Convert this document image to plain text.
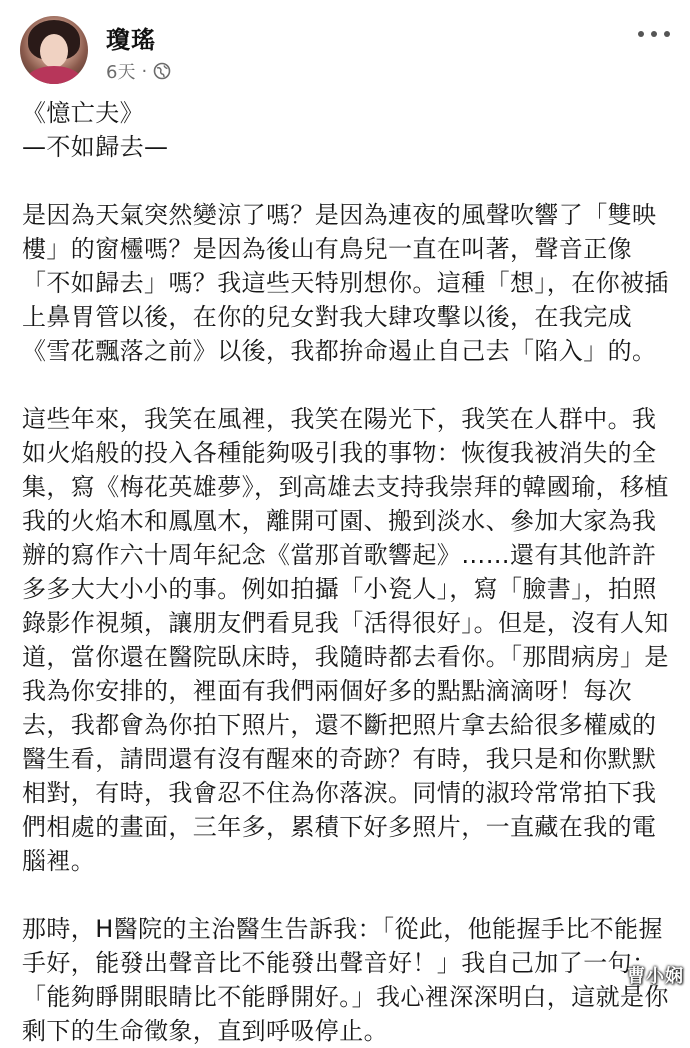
瓊瑤
6天 ·

《憶亡夫》

—不如歸去—

是因為天氣突然變涼了嗎？是因為連夜的風聲吹響了「雙映樓」的窗欞嗎？是因為後山有鳥兒一直在叫著，聲音正像「不如歸去」嗎？我這些天特別想你。這種「想」，在你被插上鼻胃管以後，在你的兒女對我大肆攻擊以後，在我完成《雪花飄落之前》以後，我都拚命遏止自己去「陷入」的。

這些年來，我笑在風裡，我笑在陽光下，我笑在人群中。我如火焰般的投入各種能夠吸引我的事物：恢復我被消失的全集，寫《梅花英雄夢》，到高雄去支持我崇拜的韓國瑜，移植我的火焰木和鳳凰木，離開可園、搬到淡水、參加大家為我辦的寫作六十周年紀念《當那首歌響起》……還有其他許許多多大大小小的事。例如拍攝「小瓷人」，寫「臉書」，拍照錄影作視頻，讓朋友們看見我「活得很好」。但是，沒有人知道，當你還在醫院臥床時，我隨時都去看你。「那間病房」是我為你安排的，裡面有我們兩個好多的點點滴滴呀！每次去，我都會為你拍下照片，還不斷把照片拿去給很多權威的醫生看，請問還有沒有醒來的奇跡？有時，我只是和你默默相對，有時，我會忍不住為你落淚。同情的淑玲常常拍下我們相處的畫面，三年多，累積下好多照片，一直藏在我的電腦裡。

那時，H醫院的主治醫生告訴我：「從此，他能握手比不能握手好，能發出聲音比不能發出聲音好！」我自己加了一句：「能夠睜開眼睛比不能睜開好。」我心裡深深明白，這就是你剩下的生命徵象，直到呼吸停止。

曹小娴
